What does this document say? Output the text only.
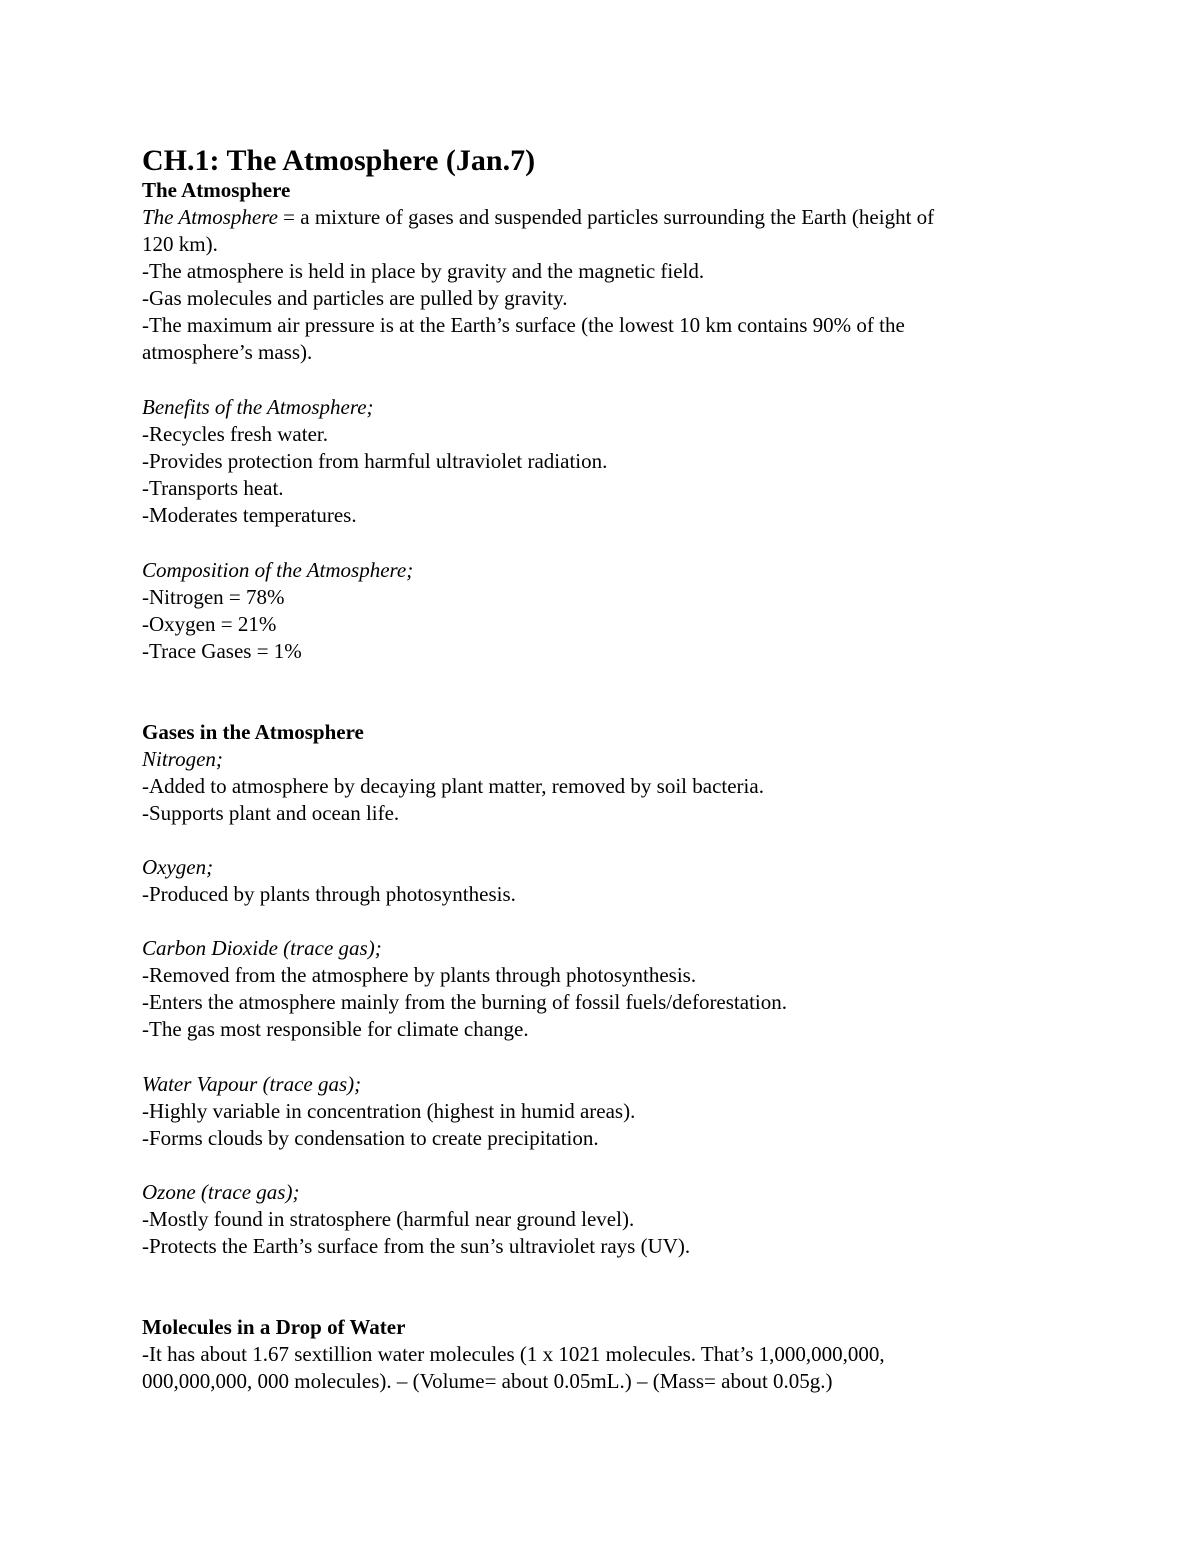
CH.1: The Atmosphere (Jan.7)
The Atmosphere
The Atmosphere = a mixture of gases and suspended particles surrounding the Earth (height of
120 km).
-The atmosphere is held in place by gravity and the magnetic field.
-Gas molecules and particles are pulled by gravity.
-The maximum air pressure is at the Earth’s surface (the lowest 10 km contains 90% of the
atmosphere’s mass).
Benefits of the Atmosphere;
-Recycles fresh water.
-Provides protection from harmful ultraviolet radiation.
-Transports heat.
-Moderates temperatures.
Composition of the Atmosphere;
-Nitrogen = 78%
-Oxygen = 21%
-Trace Gases = 1%
Gases in the Atmosphere
Nitrogen;
-Added to atmosphere by decaying plant matter, removed by soil bacteria.
-Supports plant and ocean life.
Oxygen;
-Produced by plants through photosynthesis.
Carbon Dioxide (trace gas);
-Removed from the atmosphere by plants through photosynthesis.
-Enters the atmosphere mainly from the burning of fossil fuels/deforestation.
-The gas most responsible for climate change.
Water Vapour (trace gas);
-Highly variable in concentration (highest in humid areas).
-Forms clouds by condensation to create precipitation.
Ozone (trace gas);
-Mostly found in stratosphere (harmful near ground level).
-Protects the Earth’s surface from the sun’s ultraviolet rays (UV).
Molecules in a Drop of Water
-It has about 1.67 sextillion water molecules (1 x 1021 molecules. That’s 1,000,000,000,
000,000,000, 000 molecules). – (Volume= about 0.05mL.) – (Mass= about 0.05g.)
